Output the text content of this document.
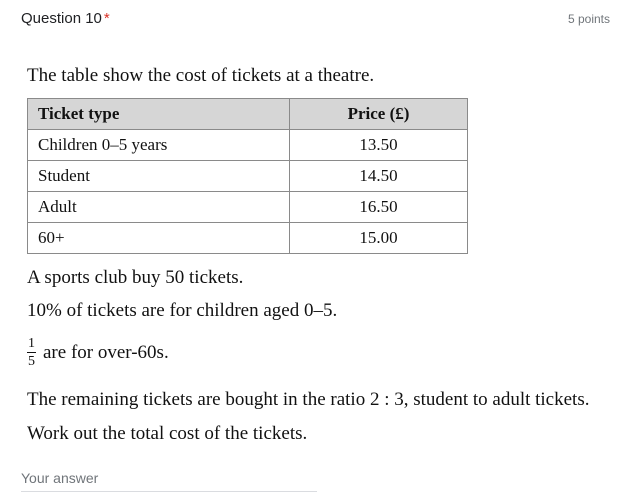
Question 10 *	5 points
The table show the cost of tickets at a theatre.
Ticket type	Price (£)
Children 0–5 years	13.50
Student	14.50
Adult	16.50
60+	15.00
A sports club buy 50 tickets.
10% of tickets are for children aged 0–5.
$\frac{1}{5}$ are for over-60s.
The remaining tickets are bought in the ratio 2 : 3, student to adult tickets.
Work out the total cost of the tickets.
Your answer
